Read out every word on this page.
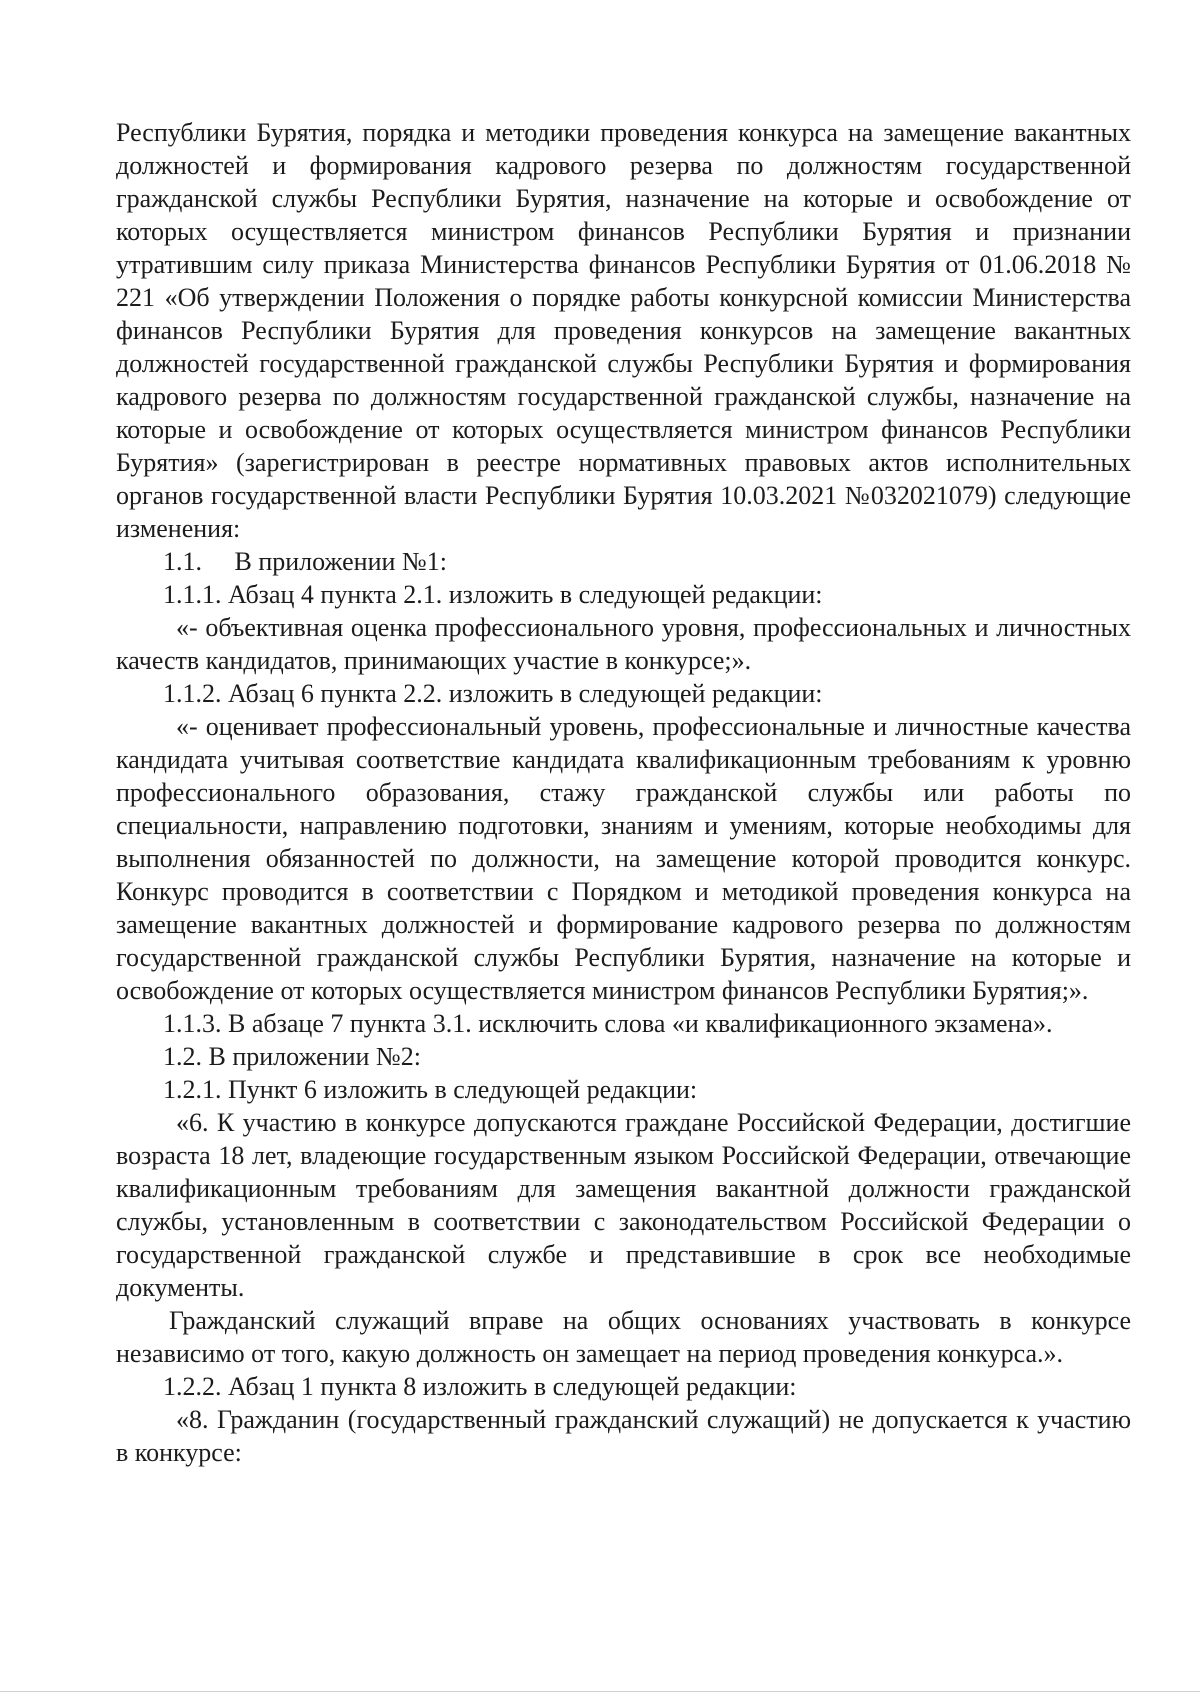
Республики Бурятия, порядка и методики проведения конкурса на замещение вакантных должностей и формирования кадрового резерва по должностям государственной гражданской службы Республики Бурятия, назначение на которые и освобождение от которых осуществляется министром финансов Республики Бурятия и признании утратившим силу приказа Министерства финансов Республики Бурятия от 01.06.2018 № 221 «Об утверждении Положения о порядке работы конкурсной комиссии Министерства финансов Республики Бурятия для проведения конкурсов на замещение вакантных должностей государственной гражданской службы Республики Бурятия и формирования кадрового резерва по должностям государственной гражданской службы, назначение на которые и освобождение от которых осуществляется министром финансов Республики Бурятия» (зарегистрирован в реестре нормативных правовых актов исполнительных органов государственной власти Республики Бурятия 10.03.2021 №032021079) следующие изменения:

1.1.     В приложении №1:

1.1.1. Абзац 4 пункта 2.1. изложить в следующей редакции:

«- объективная оценка профессионального уровня, профессиональных и личностных качеств кандидатов, принимающих участие в конкурсе;».

1.1.2. Абзац 6 пункта 2.2. изложить в следующей редакции:

«- оценивает профессиональный уровень, профессиональные и личностные качества кандидата учитывая соответствие кандидата квалификационным требованиям к уровню профессионального образования, стажу гражданской службы или работы по специальности, направлению подготовки, знаниям и умениям, которые необходимы для выполнения обязанностей по должности, на замещение которой проводится конкурс. Конкурс проводится в соответствии с Порядком и методикой проведения конкурса на замещение вакантных должностей и формирование кадрового резерва по должностям государственной гражданской службы Республики Бурятия, назначение на которые и освобождение от которых осуществляется министром финансов Республики Бурятия;».

1.1.3. В абзаце 7 пункта 3.1. исключить слова «и квалификационного экзамена».

1.2. В приложении №2:

1.2.1. Пункт 6 изложить в следующей редакции:

«6. К участию в конкурсе допускаются граждане Российской Федерации, достигшие возраста 18 лет, владеющие государственным языком Российской Федерации, отвечающие квалификационным требованиям для замещения вакантной должности гражданской службы, установленным в соответствии с законодательством Российской Федерации о государственной гражданской службе и представившие в срок все необходимые документы.

Гражданский служащий вправе на общих основаниях участвовать в конкурсе независимо от того, какую должность он замещает на период проведения конкурса.».

1.2.2. Абзац 1 пункта 8 изложить в следующей редакции:

«8. Гражданин (государственный гражданский служащий) не допускается к участию в конкурсе:
